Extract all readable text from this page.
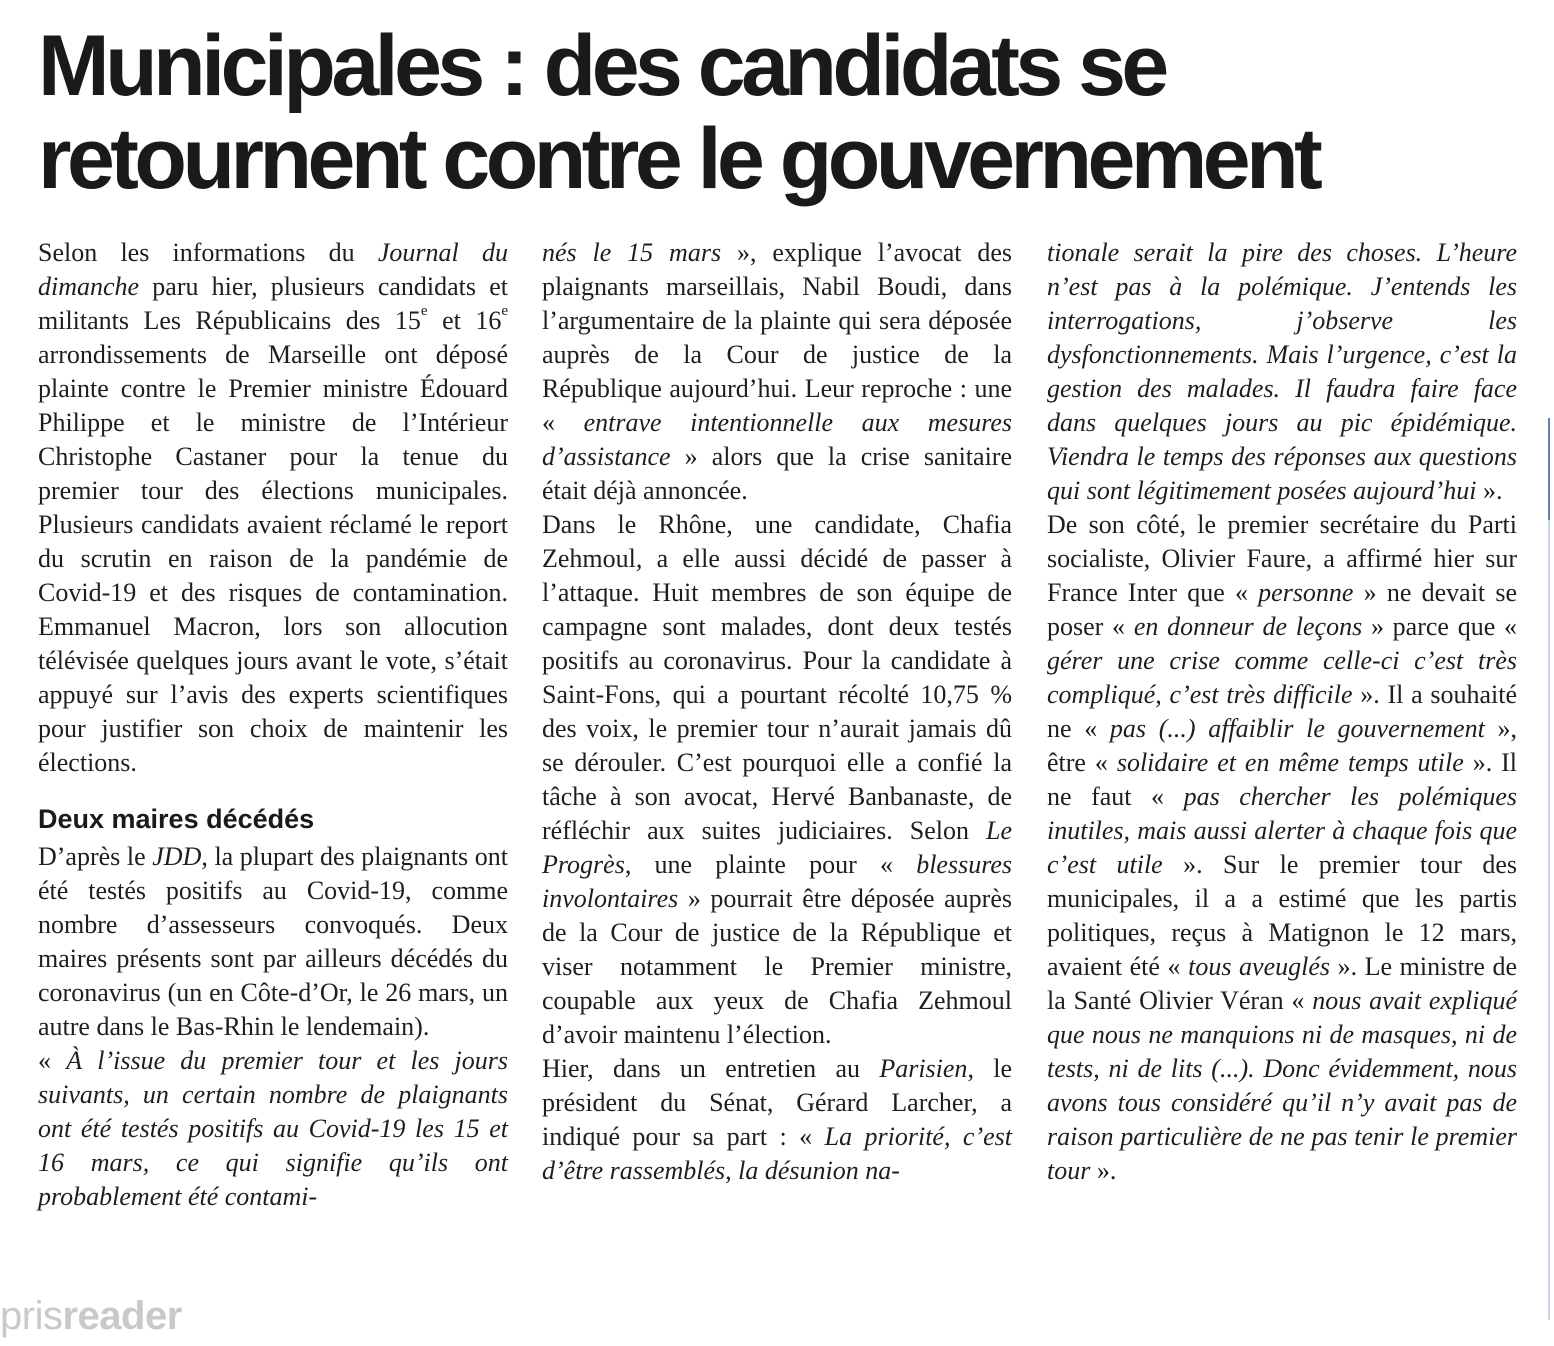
Municipales : des candidats se retournent contre le gouvernement

Selon les informations du Journal du dimanche paru hier, plusieurs candidats et militants Les Républicains des 15e et 16e arrondissements de Marseille ont déposé plainte contre le Premier ministre Édouard Philippe et le ministre de l’Intérieur Christophe Castaner pour la tenue du premier tour des élections municipales. Plusieurs candidats avaient réclamé le report du scrutin en raison de la pandémie de Covid-19 et des risques de contamination. Emmanuel Macron, lors son allocution télévisée quelques jours avant le vote, s’était appuyé sur l’avis des experts scientifiques pour justifier son choix de maintenir les élections.

Deux maires décédés

D’après le JDD, la plupart des plaignants ont été testés positifs au Covid-19, comme nombre d’assesseurs convoqués. Deux maires présents sont par ailleurs décédés du coronavirus (un en Côte-d’Or, le 26 mars, un autre dans le Bas-Rhin le lendemain).

« À l’issue du premier tour et les jours suivants, un certain nombre de plaignants ont été testés positifs au Covid-19 les 15 et 16 mars, ce qui signifie qu’ils ont probablement été contami-

nés le 15 mars », explique l’avocat des plaignants marseillais, Nabil Boudi, dans l’argumentaire de la plainte qui sera déposée auprès de la Cour de justice de la République aujourd’hui. Leur reproche : une « entrave intentionnelle aux mesures d’assistance » alors que la crise sanitaire était déjà annoncée.

Dans le Rhône, une candidate, Chafia Zehmoul, a elle aussi décidé de passer à l’attaque. Huit membres de son équipe de campagne sont malades, dont deux testés positifs au coronavirus. Pour la candidate à Saint-Fons, qui a pourtant récolté 10,75 % des voix, le premier tour n’aurait jamais dû se dérouler. C’est pourquoi elle a confié la tâche à son avocat, Hervé Banbanaste, de réfléchir aux suites judiciaires. Selon Le Progrès, une plainte pour « blessures involontaires » pourrait être déposée auprès de la Cour de justice de la République et viser notamment le Premier ministre, coupable aux yeux de Chafia Zehmoul d’avoir maintenu l’élection.

Hier, dans un entretien au Parisien, le président du Sénat, Gérard Larcher, a indiqué pour sa part : « La priorité, c’est d’être rassemblés, la désunion na-

tionale serait la pire des choses. L’heure n’est pas à la polémique. J’entends les interrogations, j’observe les dysfonctionnements. Mais l’urgence, c’est la gestion des malades. Il faudra faire face dans quelques jours au pic épidémique. Viendra le temps des réponses aux questions qui sont légitimement posées aujourd’hui ».

De son côté, le premier secrétaire du Parti socialiste, Olivier Faure, a affirmé hier sur France Inter que « personne » ne devait se poser « en donneur de leçons » parce que « gérer une crise comme celle-ci c’est très compliqué, c’est très difficile ». Il a souhaité ne « pas (...) affaiblir le gouvernement », être « solidaire et en même temps utile ». Il ne faut « pas chercher les polémiques inutiles, mais aussi alerter à chaque fois que c’est utile ». Sur le premier tour des municipales, il a a estimé que les partis politiques, reçus à Matignon le 12 mars, avaient été « tous aveuglés ». Le ministre de la Santé Olivier Véran « nous avait expliqué que nous ne manquions ni de masques, ni de tests, ni de lits (...). Donc évidemment, nous avons tous considéré qu’il n’y avait pas de raison particulière de ne pas tenir le premier tour ».

prisreader
